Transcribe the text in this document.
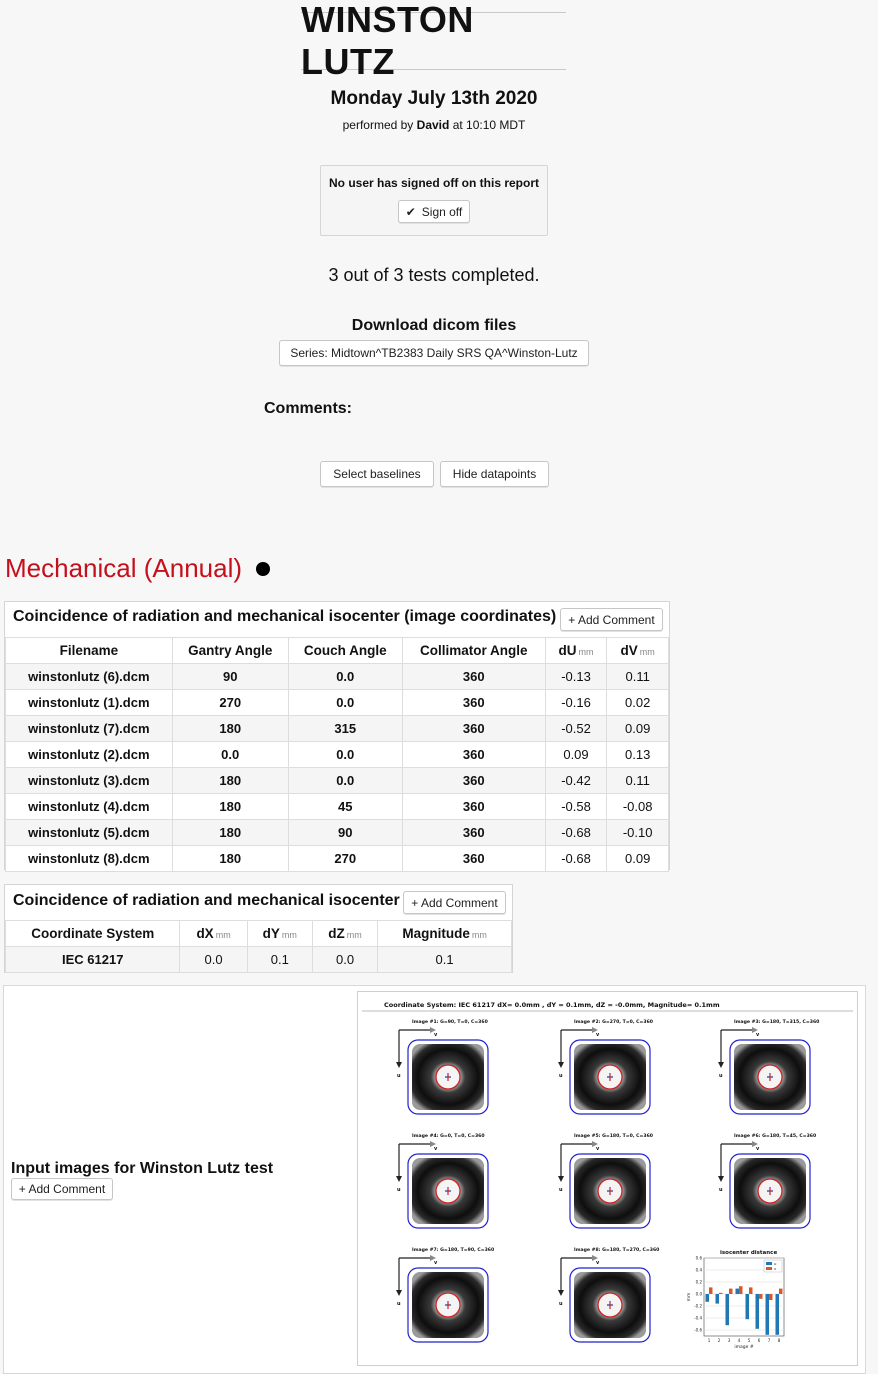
WINSTON LUTZ
Monday July 13th 2020
performed by David at 10:10 MDT
No user has signed off on this report
✔ Sign off
3 out of 3 tests completed.
Download dicom files
Series: Midtown^TB2383 Daily SRS QA^Winston-Lutz
Comments:
Select baselines	Hide datapoints
Mechanical (Annual)
Coincidence of radiation and mechanical isocenter (image coordinates)	+ Add Comment
Filename	Gantry Angle	Couch Angle	Collimator Angle	dU mm	dV mm
winstonlutz (6).dcm	90	0.0	360	-0.13	0.11
winstonlutz (1).dcm	270	0.0	360	-0.16	0.02
winstonlutz (7).dcm	180	315	360	-0.52	0.09
winstonlutz (2).dcm	0.0	0.0	360	0.09	0.13
winstonlutz (3).dcm	180	0.0	360	-0.42	0.11
winstonlutz (4).dcm	180	45	360	-0.58	-0.08
winstonlutz (5).dcm	180	90	360	-0.68	-0.10
winstonlutz (8).dcm	180	270	360	-0.68	0.09
Coincidence of radiation and mechanical isocenter + Add Comment
Coordinate System	dX mm	dY mm	dZ mm	Magnitude mm
IEC 61217	0.0	0.1	0.0	0.1
Input images for Winston Lutz test
+ Add Comment
Coordinate System: IEC 61217 dX= 0.0mm , dY = 0.1mm, dZ = -0.0mm, Magnitude= 0.1mm
Image #1: G=90, T=0, C=360
v
u
Image #2: G=270, T=0, C=360
v
u
Image #3: G=180, T=315, C=360
v
u
Image #4: G=0, T=0, C=360
v
u
Image #5: G=180, T=0, C=360
v
u
Image #6: G=180, T=45, C=360
v
u
Image #7: G=180, T=90, C=360
v
u
Image #8: G=180, T=270, C=360
v
u
isocenter distance
0.6
0.4
0.2
0.0
-0.2
-0.4
-0.6
1 2 3 4 5 6 7 8
image #
mm
u
v
